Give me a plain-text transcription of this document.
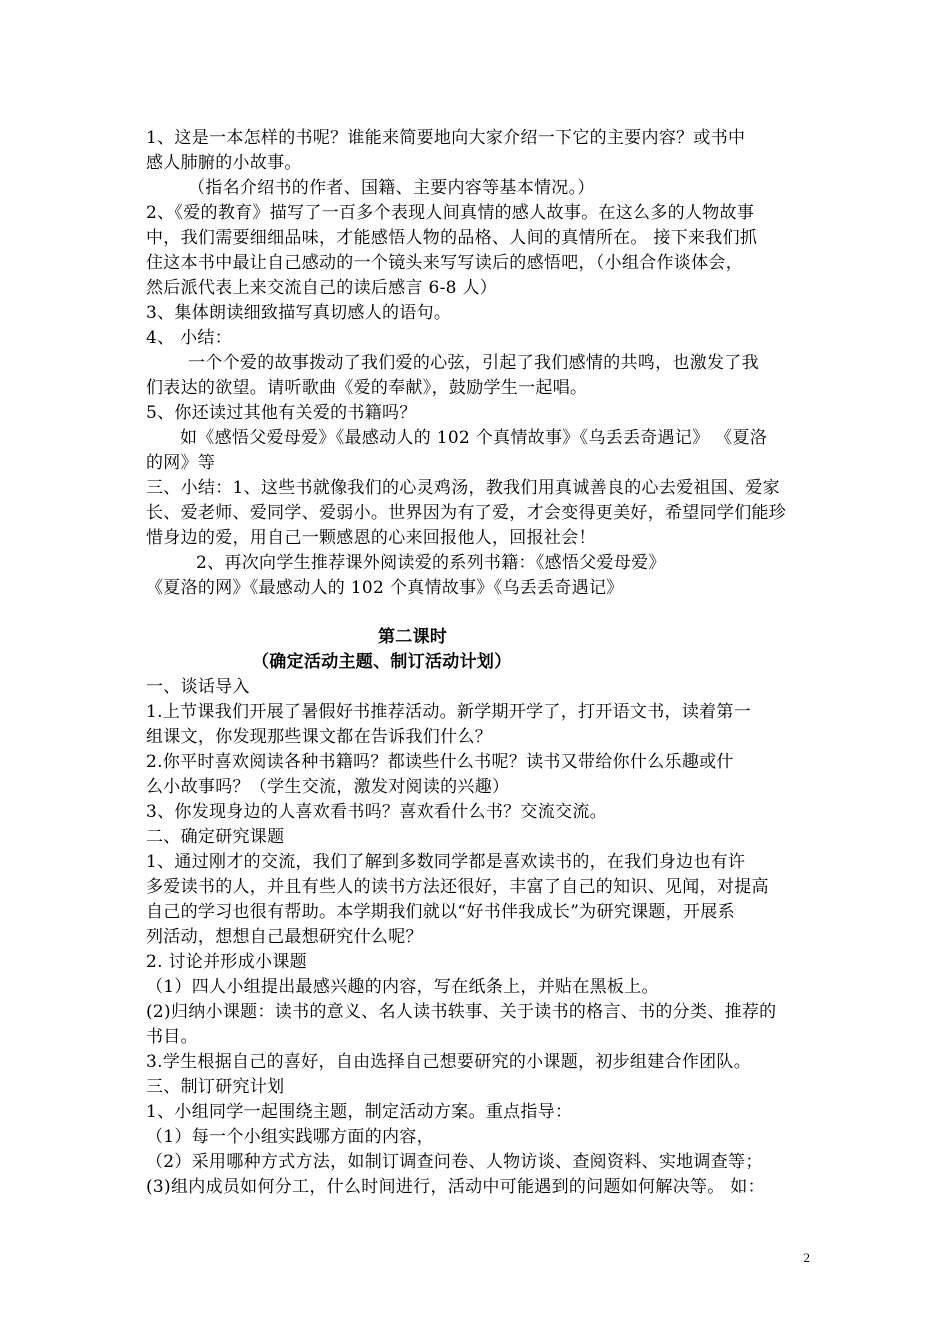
1、这是一本怎样的书呢？谁能来简要地向大家介绍一下它的主要内容？或书中
感人肺腑的小故事。
（指名介绍书的作者、国籍、主要内容等基本情况。）
2、《爱的教育》描写了一百多个表现人间真情的感人故事。在这么多的人物故事
中，我们需要细细品味，才能感悟人物的品格、人间的真情所在。 接下来我们抓
住这本书中最让自己感动的一个镜头来写写读后的感悟吧，（小组合作谈体会，
然后派代表上来交流自己的读后感言 6-8 人）
3、集体朗读细致描写真切感人的语句。
4、 小结：
一个个爱的故事拨动了我们爱的心弦，引起了我们感情的共鸣，也激发了我
们表达的欲望。请听歌曲《爱的奉献》，鼓励学生一起唱。
5、你还读过其他有关爱的书籍吗？
如《感悟父爱母爱》《最感动人的 102 个真情故事》《乌丢丢奇遇记》 《夏洛
的网》等
三、小结：1、这些书就像我们的心灵鸡汤，教我们用真诚善良的心去爱祖国、爱家
长、爱老师、爱同学、爱弱小。世界因为有了爱，才会变得更美好，希望同学们能珍
惜身边的爱，用自己一颗感恩的心来回报他人，回报社会！
2、再次向学生推荐课外阅读爱的系列书籍：《感悟父爱母爱》
《夏洛的网》《最感动人的 102 个真情故事》《乌丢丢奇遇记》
第二课时
（确定活动主题、制订活动计划）
一、谈话导入
1.上节课我们开展了暑假好书推荐活动。新学期开学了，打开语文书，读着第一
组课文，你发现那些课文都在告诉我们什么？
2.你平时喜欢阅读各种书籍吗？都读些什么书呢？读书又带给你什么乐趣或什
么小故事吗？（学生交流，激发对阅读的兴趣）
3、你发现身边的人喜欢看书吗？喜欢看什么书？交流交流。
二、确定研究课题
1、通过刚才的交流，我们了解到多数同学都是喜欢读书的，在我们身边也有许
多爱读书的人，并且有些人的读书方法还很好，丰富了自己的知识、见闻，对提高
自己的学习也很有帮助。本学期我们就以“好书伴我成长”为研究课题，开展系
列活动，想想自己最想研究什么呢？
2. 讨论并形成小课题
（1）四人小组提出最感兴趣的内容，写在纸条上，并贴在黑板上。
(2)归纳小课题：读书的意义、名人读书轶事、关于读书的格言、书的分类、推荐的
书目。
3.学生根据自己的喜好，自由选择自己想要研究的小课题，初步组建合作团队。
三、制订研究计划
1、小组同学一起围绕主题，制定活动方案。重点指导：
（1）每一个小组实践哪方面的内容，
（2）采用哪种方式方法，如制订调查问卷、人物访谈、查阅资料、实地调查等；
(3)组内成员如何分工，什么时间进行，活动中可能遇到的问题如何解决等。 如：
2
